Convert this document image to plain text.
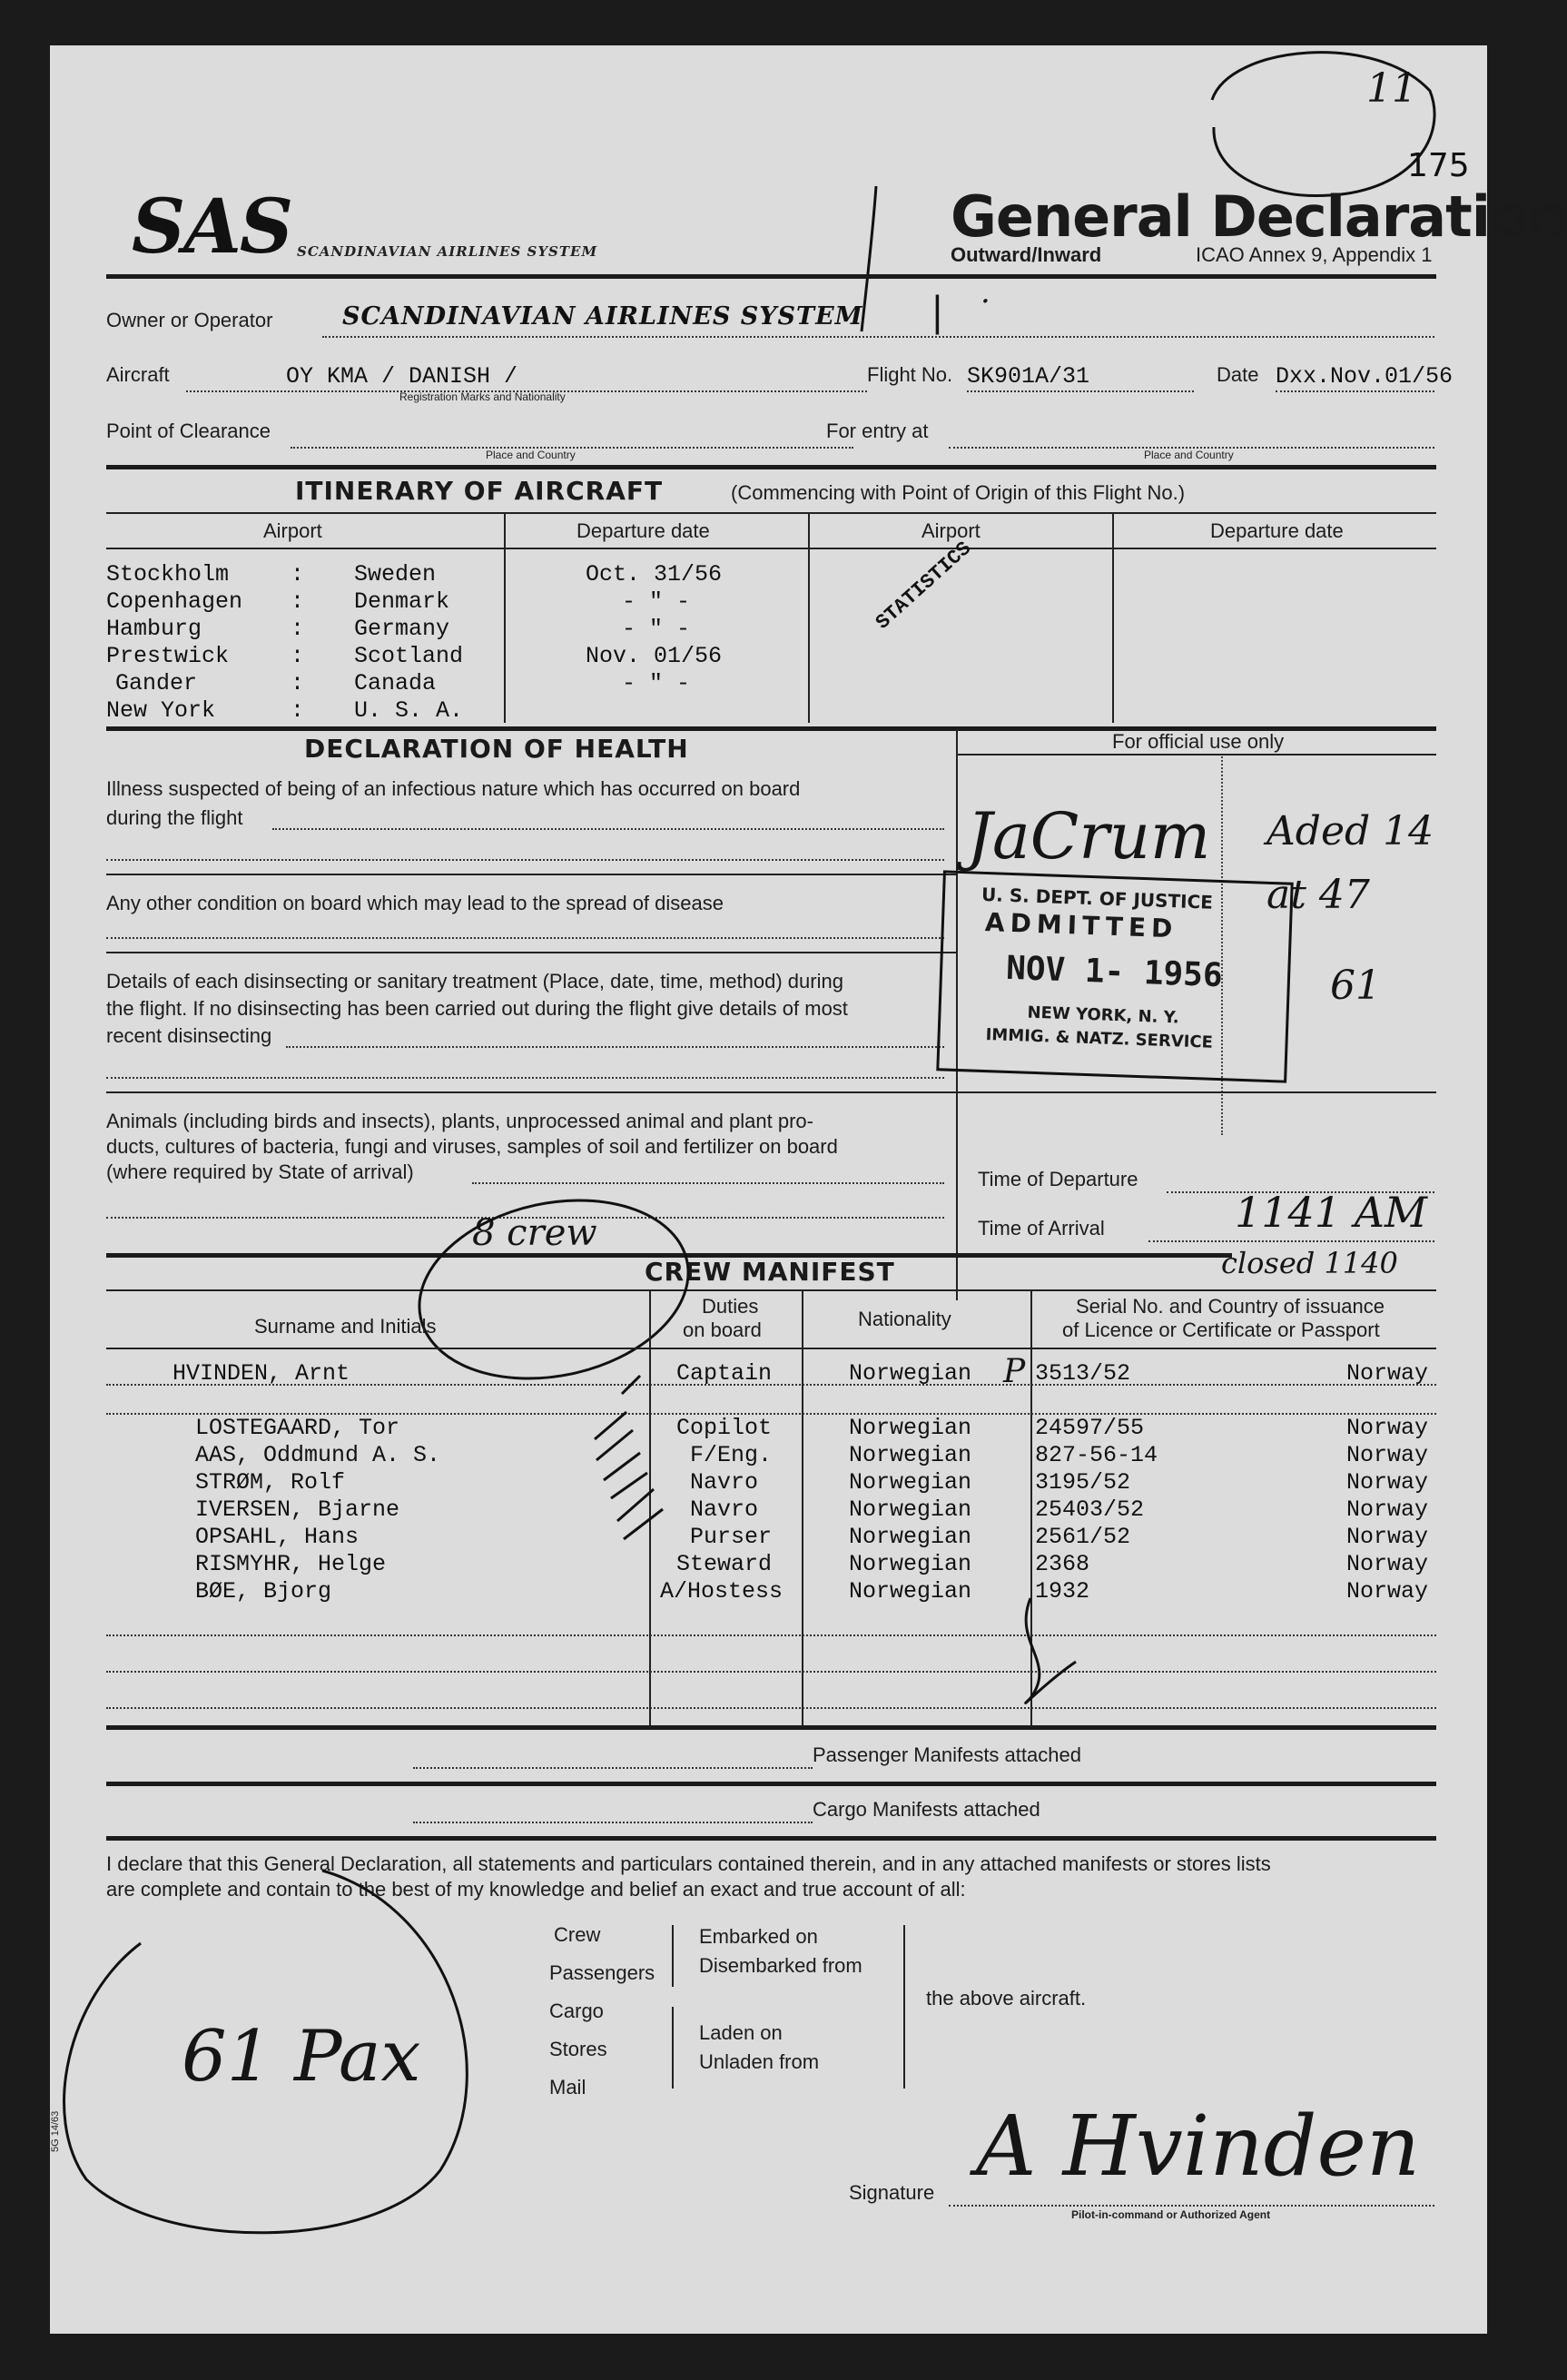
11
175
SAS SCANDINAVIAN AIRLINES SYSTEM
General Declaration
Outward/Inward	ICAO Annex 9, Appendix 1
Owner or Operator	SCANDINAVIAN AIRLINES SYSTEM | ·
Aircraft	OY KMA / DANISH /
Registration Marks and Nationality
Flight No. SK901A/31	Date Dxx.Nov.01/56
Point of Clearance
Place and Country
For entry at
Place and Country
ITINERARY OF AIRCRAFT	(Commencing with Point of Origin of this Flight No.)
Airport	Departure date	Airport	Departure date
Stockholm	: Sweden	Oct. 31/56
Copenhagen : Denmark	- " -
Hamburg	: Germany	- " -
Prestwick	: Scotland	Nov. 01/56
Gander	: Canada	- " -
New York	: U. S. A.
STATISTICS
DECLARATION OF HEALTH	For official use only
Illness suspected of being of an infectious nature which has occurred on board
during the flight
Any other condition on board which may lead to the spread of disease
Details of each disinsecting or sanitary treatment (Place, date, time, method) during
the flight. If no disinsecting has been carried out during the flight give details of most
recent disinsecting
Animals (including birds and insects), plants, unprocessed animal and plant pro-
ducts, cultures of bacteria, fungi and viruses, samples of soil and fertilizer on board
(where required by State of arrival)
JaCrum Aded 14
at 47
61
U. S. DEPT. OF JUSTICE
ADMITTED
NOV 1- 1956
NEW YORK, N. Y.
IMMIG. & NATZ. SERVICE
Time of Departure
Time of Arrival	1141 AM
closed 1140
CREW MANIFEST
8 crew
Surname and Initials
Duties
on board	Nationality
Serial No. and Country of issuance
of Licence or Certificate or Passport
HVINDEN, Arnt	Captain	Norwegian	3513/52	Norway
LOSTEGAARD, Tor	Copilot	Norwegian	24597/55	Norway
AAS, Oddmund A. S.	F/Eng.	Norwegian	827-56-14	Norway
STRØM, Rolf	Navro	Norwegian	3195/52	Norway
IVERSEN, Bjarne	Navro	Norwegian	25403/52	Norway
OPSAHL, Hans	Purser	Norwegian	2561/52	Norway
RISMYHR, Helge	Steward	Norwegian	2368	Norway
BØE, Bjorg	A/Hostess	Norwegian	1932	Norway
P
Passenger Manifests attached
Cargo Manifests attached
I declare that this General Declaration, all statements and particulars contained therein, and in any attached manifests or stores lists
are complete and contain to the best of my knowledge and belief an exact and true account of all:
Crew
Passengers
Cargo
Stores
Mail
Embarked on
Disembarked from
Laden on
Unladen from
the above aircraft.
61 Pax
5G 14/63
Signature A Hvinden
Pilot-in-command or Authorized Agent
